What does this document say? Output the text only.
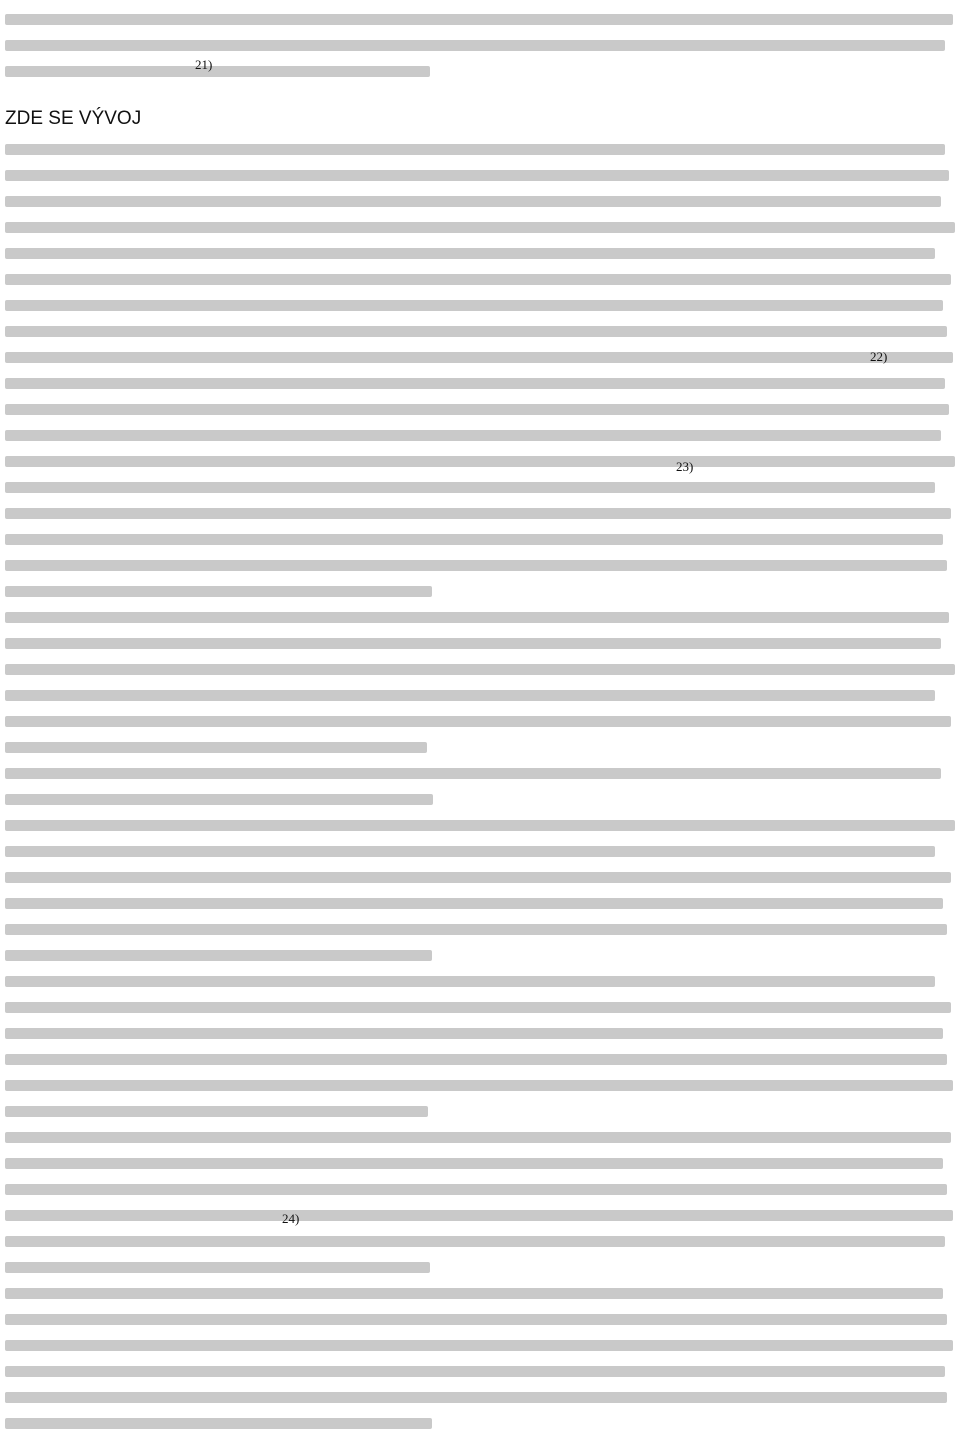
ZDE SE VÝVOJ
21)
22)
23)
24)
